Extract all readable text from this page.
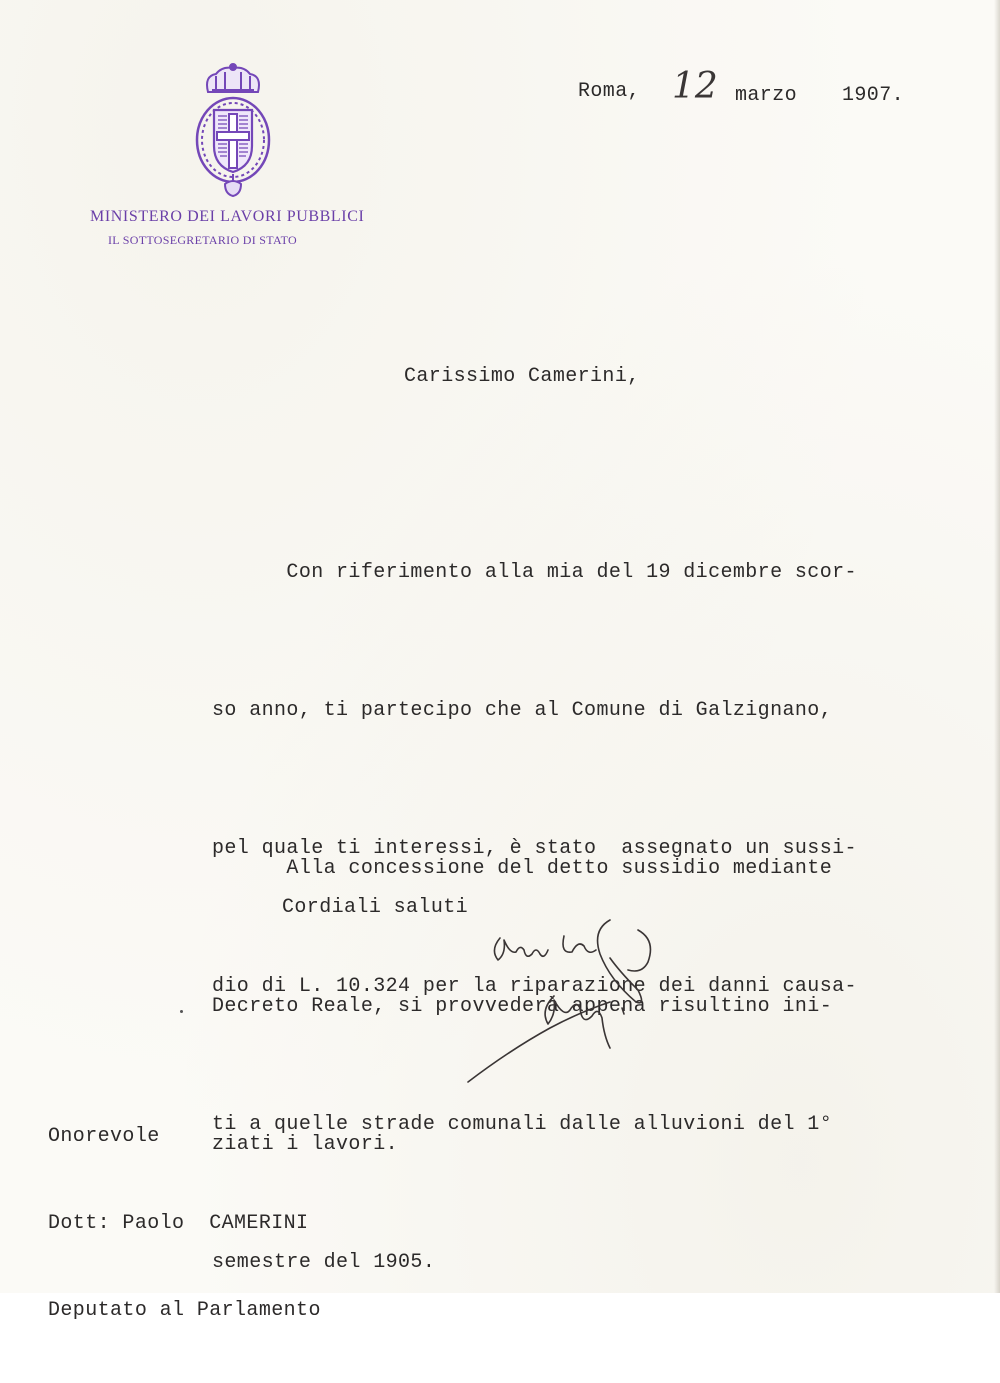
MINISTERO DEI LAVORI PUBBLICI
IL SOTTOSEGRETARIO DI STATO
Roma, 12 marzo 1907.
Carissimo Camerini,

Con riferimento alla mia del 19 dicembre scor-

so anno, ti partecipo che al Comune di Galzignano,

pel quale ti interessi, è stato  assegnato un sussi-

dio di L. 10.324 per la riparazione dei danni causa-

ti a quelle strade comunali dalle alluvioni del 1°

semestre del 1905.

Alla concessione del detto sussidio mediante

Decreto Reale, si provvederà appena risultino ini-

ziati i lavori.

Cordiali saluti

Onorevole

Dott: Paolo  CAMERINI

Deputato al Parlamento
